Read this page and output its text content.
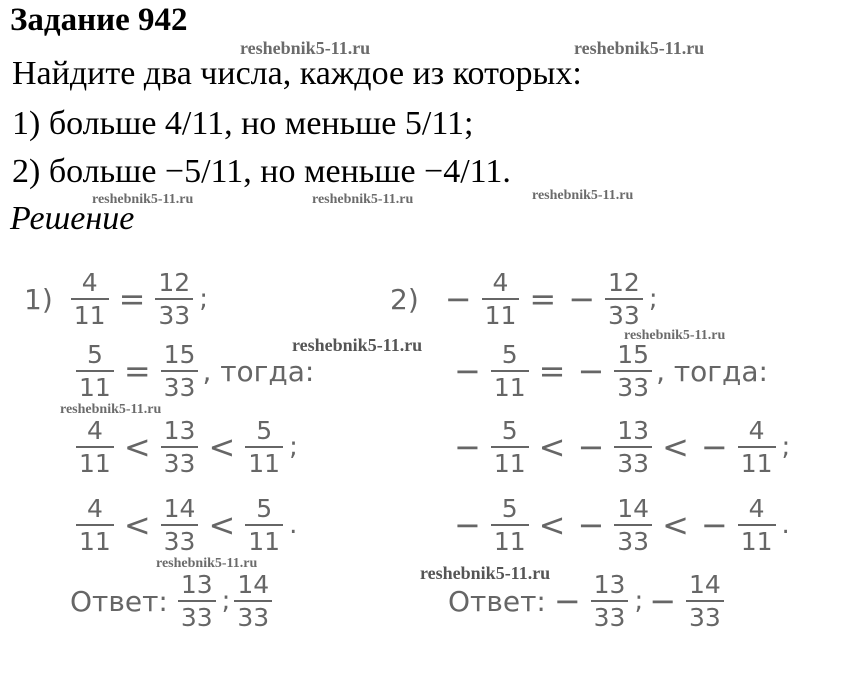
Задание 942
Найдите два числа, каждое из которых:
1) больше 4/11, но меньше 5/11;
2) больше −5/11, но меньше −4/11.
Решение
reshebnik5-11.ru	reshebnik5-11.ru
reshebnik5-11.ru	reshebnik5-11.ru	reshebnik5-11.ru
reshebnik5-11.ru	reshebnik5-11.ru
reshebnik5-11.ru
reshebnik5-11.ru	reshebnik5-11.ru
$1) \frac{4}{11} = \frac{12}{33}$ ;
$\frac{5}{11} = \frac{15}{33}$ , тогда:
$\frac{4}{11} < \frac{13}{33} < \frac{5}{11}$ ;
$\frac{4}{11} < \frac{14}{33} < \frac{5}{11}$ .
Ответ: $\frac{13}{33}$ ; $\frac{14}{33}$
$2) - \frac{4}{11}$ = − $\frac{12}{33}$ ;
− $\frac{5}{11}$ = − $\frac{15}{33}$ , тогда:
− $\frac{5}{11}$ < − $\frac{13}{33}$ < − $\frac{4}{11}$ ;
− $\frac{5}{11}$ < − $\frac{14}{33}$ < − $\frac{4}{11}$ .
Ответ: − $\frac{13}{33}$ ; − $\frac{14}{33}$
